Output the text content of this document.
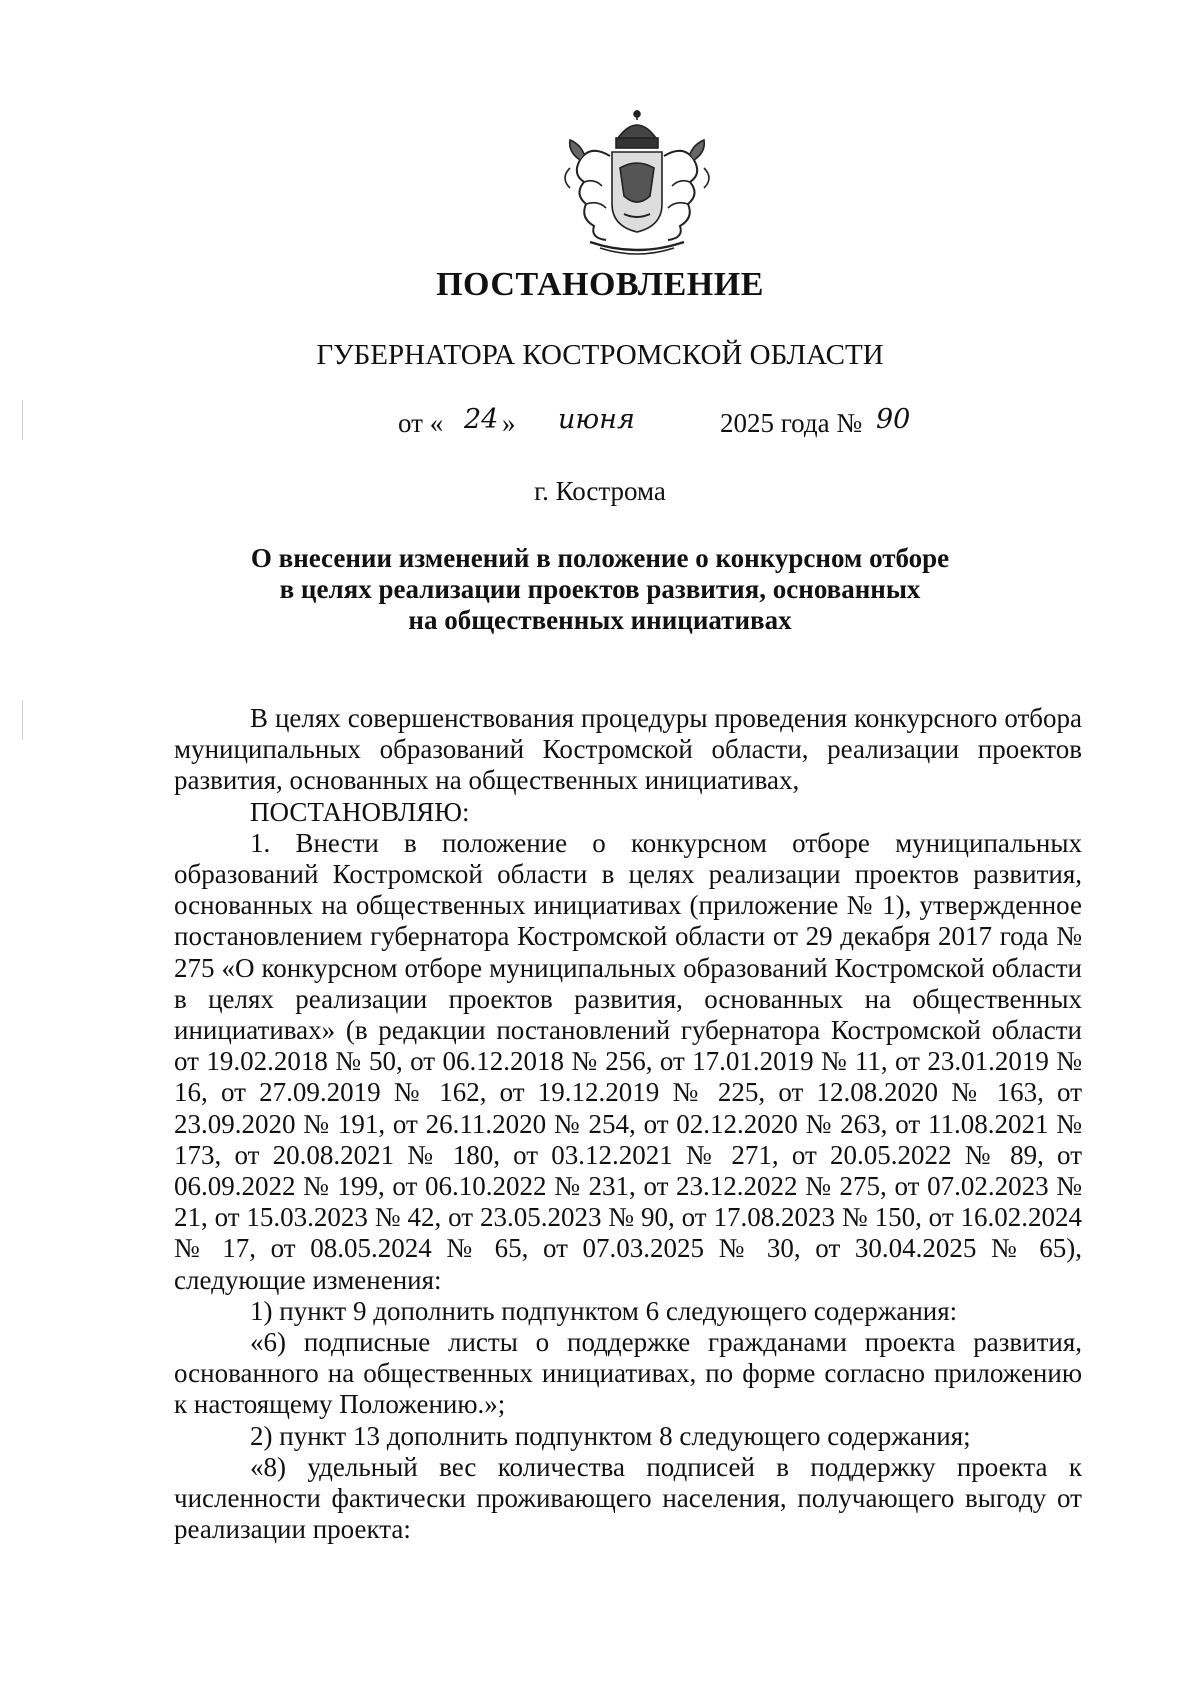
ПОСТАНОВЛЕНИЕ
ГУБЕРНАТОРА КОСТРОМСКОЙ ОБЛАСТИ
от « 24 » июня	2025 года № 90
г. Кострома
О внесении изменений в положение о конкурсном отборе
в целях реализации проектов развития, основанных
на общественных инициативах

В целях совершенствования процедуры проведения конкурсного отбора муниципальных образований Костромской области, реализации проектов развития, основанных на общественных инициативах,

ПОСТАНОВЛЯЮ:

1. Внести в положение о конкурсном отборе муниципальных образований Костромской области в целях реализации проектов развития, основанных на общественных инициативах (приложение № 1), утвержденное постановлением губернатора Костромской области от 29 декабря 2017 года № 275 «О конкурсном отборе муниципальных образований Костромской области в целях реализации проектов развития, основанных на общественных инициативах» (в редакции постановлений губернатора Костромской области от 19.02.2018 № 50, от 06.12.2018 № 256, от 17.01.2019 № 11, от 23.01.2019 № 16, от 27.09.2019 № 162, от 19.12.2019 № 225, от 12.08.2020 № 163, от 23.09.2020 № 191, от 26.11.2020 № 254, от 02.12.2020 № 263, от 11.08.2021 № 173, от 20.08.2021 № 180, от 03.12.2021 № 271, от 20.05.2022 № 89, от 06.09.2022 № 199, от 06.10.2022 № 231, от 23.12.2022 № 275, от 07.02.2023 № 21, от 15.03.2023 № 42, от 23.05.2023 № 90, от 17.08.2023 № 150, от 16.02.2024 № 17, от 08.05.2024 № 65, от 07.03.2025 № 30, от 30.04.2025 № 65), следующие изменения:

1) пункт 9 дополнить подпунктом 6 следующего содержания:

«6) подписные листы о поддержке гражданами проекта развития, основанного на общественных инициативах, по форме согласно приложению к настоящему Положению.»;

2) пункт 13 дополнить подпунктом 8 следующего содержания;

«8) удельный вес количества подписей в поддержку проекта к численности фактически проживающего населения, получающего выгоду от реализации проекта:
